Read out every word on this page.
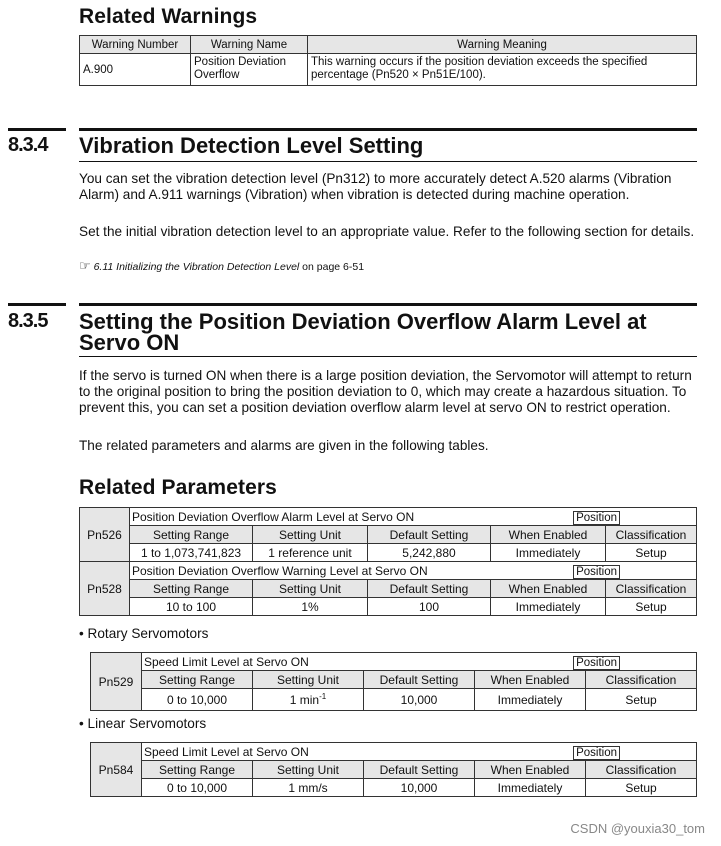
Related Warnings
Warning Number	Warning Name	Warning Meaning
A.900	Position Deviation Overflow	This warning occurs if the position deviation exceeds the specified percentage (Pn520 × Pn51E/100).
8.3.4 Vibration Detection Level Setting

You can set the vibration detection level (Pn312) to more accurately detect A.520 alarms (Vibration Alarm) and A.911 warnings (Vibration) when vibration is detected during machine operation.

Set the initial vibration detection level to an appropriate value. Refer to the following section for details.

☞ 6.11 Initializing the Vibration Detection Level on page 6-51
8.3.5 Setting the Position Deviation Overflow Alarm Level at
Servo ON

If the servo is turned ON when there is a large position deviation, the Servomotor will attempt to return to the original position to bring the position deviation to 0, which may create a hazardous situation. To prevent this, you can set a position deviation overflow alarm level at servo ON to restrict operation.

The related parameters and alarms are given in the following tables.

Related Parameters
Pn526	Position Deviation Overflow Alarm Level at Servo ON			Position	
	Setting Range	Setting Unit	Default Setting	When Enabled	Classification
	1 to 1,073,741,823	1 reference unit	5,242,880	Immediately	Setup
Pn528	Position Deviation Overflow Warning Level at Servo ON			Position	
	Setting Range	Setting Unit	Default Setting	When Enabled	Classification
	10 to 100	1%	100	Immediately	Setup
• Rotary Servomotors
Pn529	Speed Limit Level at Servo ON			Position	
	Setting Range	Setting Unit	Default Setting	When Enabled	Classification
	0 to 10,000	1 $\min^{-1}$	10,000	Immediately	Setup
• Linear Servomotors
Pn584	Speed Limit Level at Servo ON			Position	
	Setting Range	Setting Unit	Default Setting	When Enabled	Classification
	0 to 10,000	1 mm/s	10,000	Immediately	Setup
CSDN @youxia30_tom
